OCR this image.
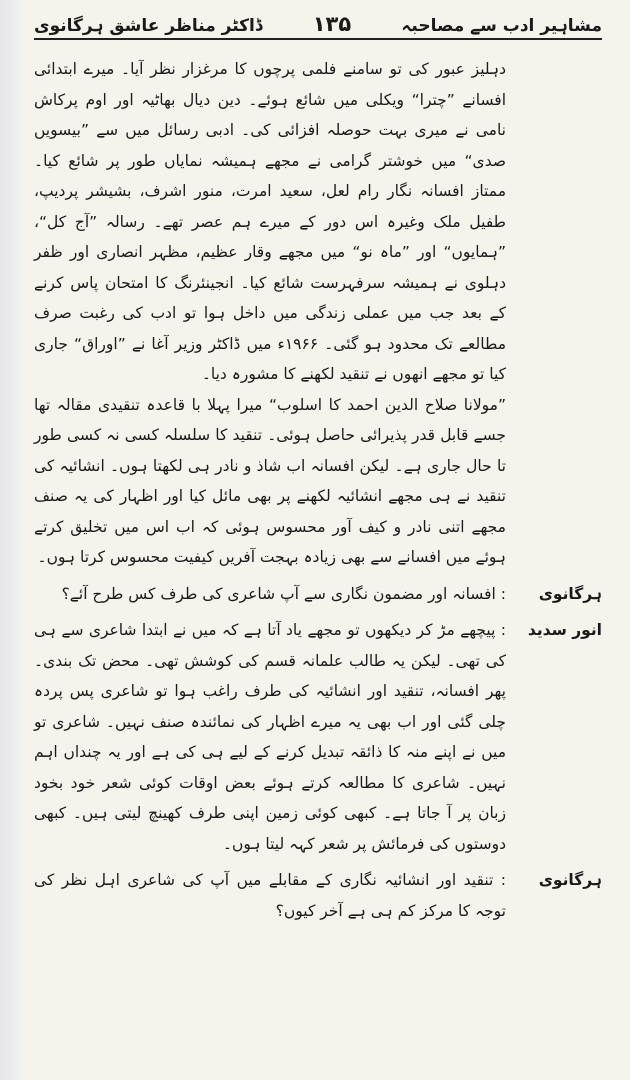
مشاہیر ادب سے مصاحبہ
۱۳۵
ڈاکٹر مناظر عاشق ہرگانوی

دہلیز عبور کی تو سامنے فلمی پرچوں کا مرغزار نظر آیا۔ میرے ابتدائی افسانے ”چترا“ ویکلی میں شائع ہوئے۔ دین دیال بھاٹیہ اور اوم پرکاش نامی نے میری بہت حوصلہ افزائی کی۔ ادبی رسائل میں سے ”بیسویں صدی“ میں خوشتر گرامی نے مجھے ہمیشہ نمایاں طور پر شائع کیا۔ ممتاز افسانہ نگار رام لعل، سعید امرت، منور اشرف، بشیشر پردیپ، طفیل ملک وغیرہ اس دور کے میرے ہم عصر تھے۔ رسالہ ”آج کل“، ”ہمایوں“ اور ”ماہ نو“ میں مجھے وقار عظیم، مظہر انصاری اور ظفر دہلوی نے ہمیشہ سرفہرست شائع کیا۔ انجینئرنگ کا امتحان پاس کرنے کے بعد جب میں عملی زندگی میں داخل ہوا تو ادب کی رغبت صرف مطالعے تک محدود ہو گئی۔ ۱۹۶۶ء میں ڈاکٹر وزیر آغا نے ”اوراق“ جاری کیا تو مجھے انھوں نے تنقید لکھنے کا مشورہ دیا۔

”مولانا صلاح الدین احمد کا اسلوب“ میرا پہلا با قاعدہ تنقیدی مقالہ تھا جسے قابل قدر پذیرائی حاصل ہوئی۔ تنقید کا سلسلہ کسی نہ کسی طور تا حال جاری ہے۔ لیکن افسانہ اب شاذ و نادر ہی لکھتا ہوں۔ انشائیہ کی تنقید نے ہی مجھے انشائیہ لکھنے پر بھی مائل کیا اور اظہار کی یہ صنف مجھے اتنی نادر و کیف آور محسوس ہوئی کہ اب اس میں تخلیق کرتے ہوئے میں افسانے سے بھی زیادہ بہجت آفریں کیفیت محسوس کرتا ہوں۔

ہرگانوی
: افسانہ اور مضمون نگاری سے آپ شاعری کی طرف کس طرح آئے؟
انور سدید
: پیچھے مڑ کر دیکھوں تو مجھے یاد آتا ہے کہ میں نے ابتدا شاعری سے ہی کی تھی۔ لیکن یہ طالب علمانہ قسم کی کوشش تھی۔ محض تک بندی۔ پھر افسانہ، تنقید اور انشائیہ کی طرف راغب ہوا تو شاعری پس پردہ چلی گئی اور اب بھی یہ میرے اظہار کی نمائندہ صنف نہیں۔ شاعری تو میں نے اپنے منہ کا ذائقہ تبدیل کرنے کے لیے ہی کی ہے اور یہ چنداں اہم نہیں۔ شاعری کا مطالعہ کرتے ہوئے بعض اوقات کوئی شعر خود بخود زبان پر آ جاتا ہے۔ کبھی کوئی زمین اپنی طرف کھینچ لیتی ہیں۔ کبھی دوستوں کی فرمائش پر شعر کہہ لیتا ہوں۔
ہرگانوی
: تنقید اور انشائیہ نگاری کے مقابلے میں آپ کی شاعری اہل نظر کی توجہ کا مرکز کم ہی ہے آخر کیوں؟
